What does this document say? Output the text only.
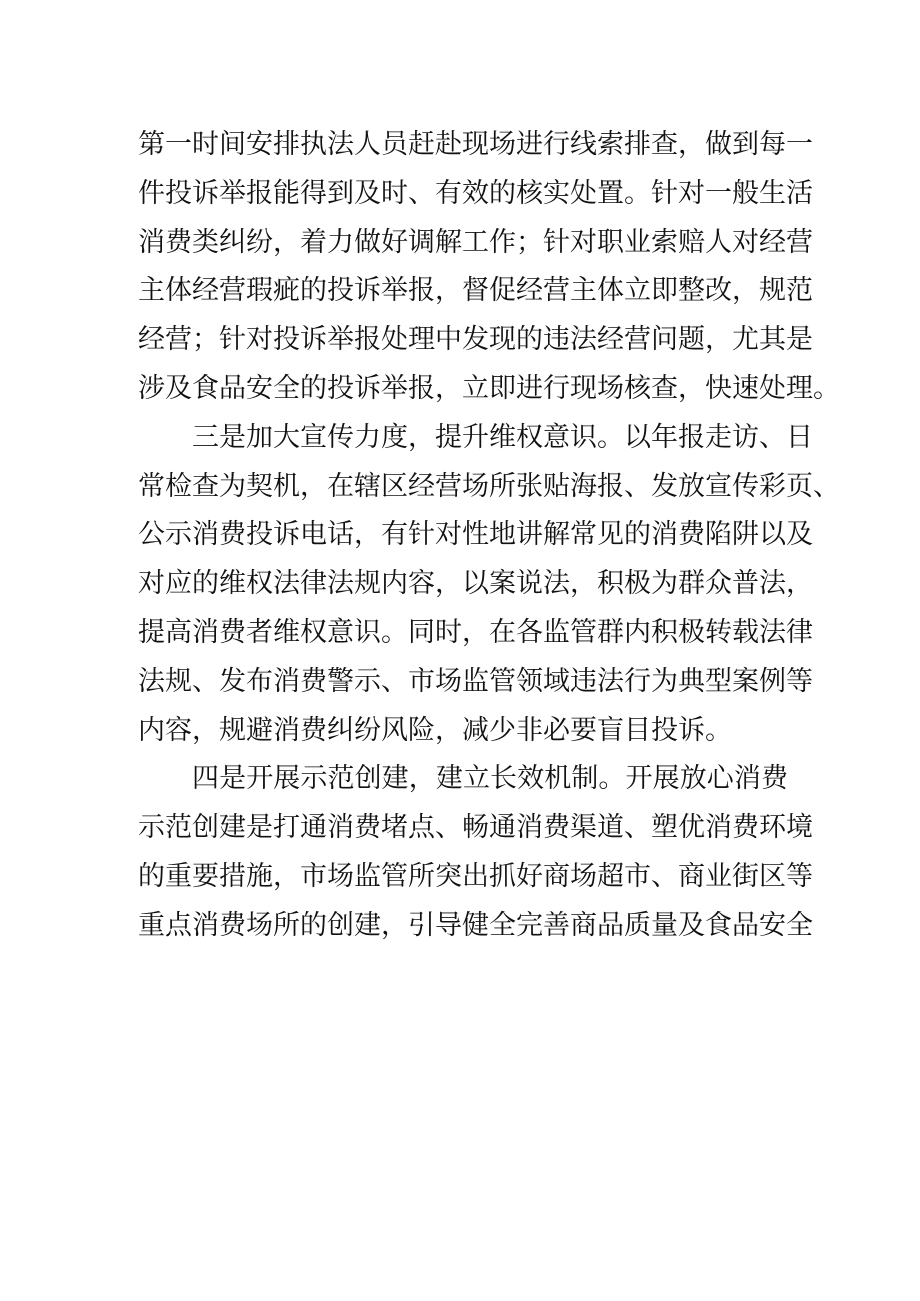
第一时间安排执法人员赶赴现场进行线索排查，做到每一
件投诉举报能得到及时、有效的核实处置。针对一般生活
消费类纠纷，着力做好调解工作；针对职业索赔人对经营
主体经营瑕疵的投诉举报，督促经营主体立即整改，规范
经营；针对投诉举报处理中发现的违法经营问题，尤其是
涉及食品安全的投诉举报，立即进行现场核查，快速处理。
三是加大宣传力度，提升维权意识。以年报走访、日
常检查为契机，在辖区经营场所张贴海报、发放宣传彩页、
公示消费投诉电话，有针对性地讲解常见的消费陷阱以及
对应的维权法律法规内容，以案说法，积极为群众普法，
提高消费者维权意识。同时，在各监管群内积极转载法律
法规、发布消费警示、市场监管领域违法行为典型案例等
内容，规避消费纠纷风险，减少非必要盲目投诉。
四是开展示范创建，建立长效机制。开展放心消费
示范创建是打通消费堵点、畅通消费渠道、塑优消费环境
的重要措施，市场监管所突出抓好商场超市、商业街区等
重点消费场所的创建，引导健全完善商品质量及食品安全
